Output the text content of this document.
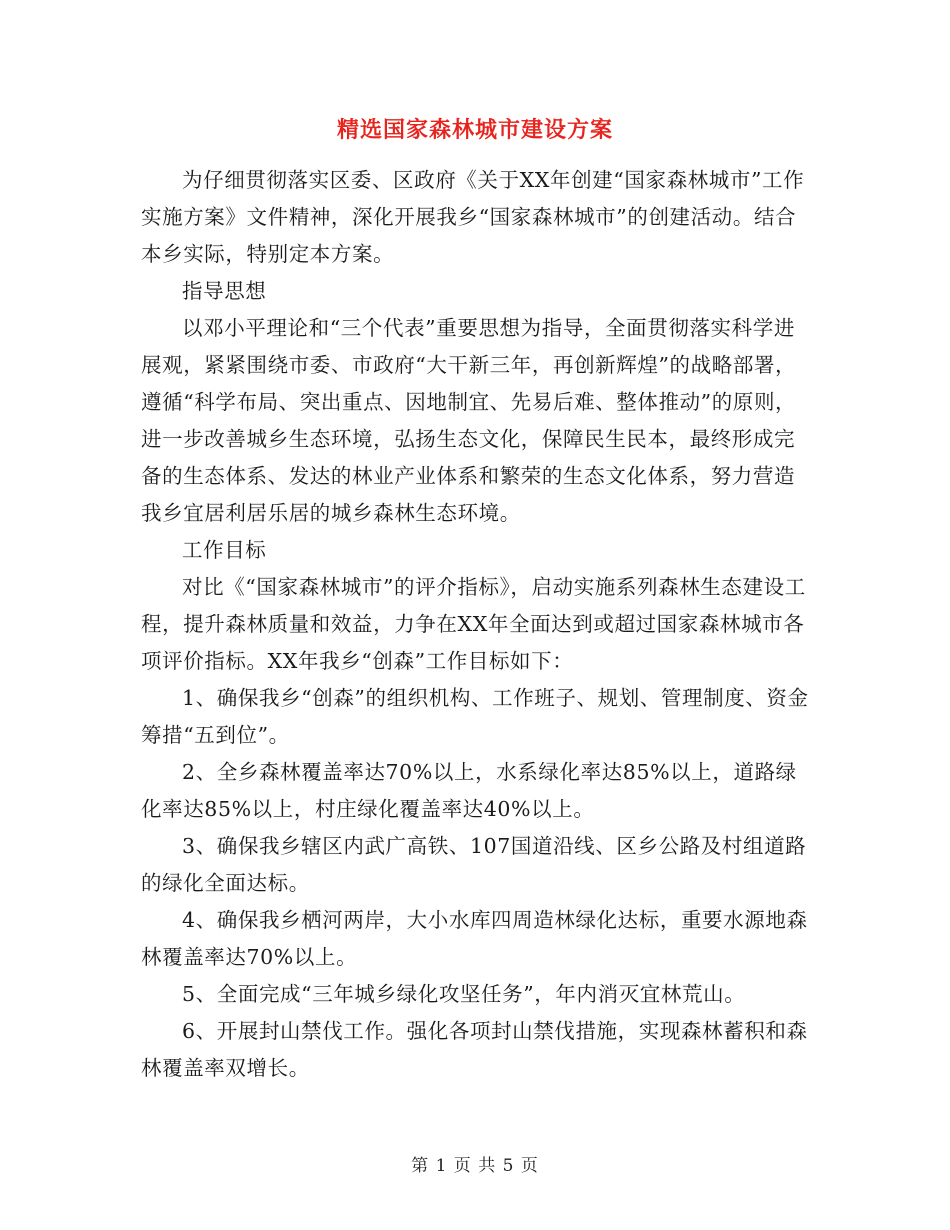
精选国家森林城市建设方案

为仔细贯彻落实区委、区政府《关于XX年创建“国家森林城市”工作实施方案》文件精神，深化开展我乡“国家森林城市”的创建活动。结合本乡实际，特别定本方案。

指导思想

以邓小平理论和“三个代表”重要思想为指导，全面贯彻落实科学进展观，紧紧围绕市委、市政府“大干新三年，再创新辉煌”的战略部署，遵循“科学布局、突出重点、因地制宜、先易后难、整体推动”的原则，进一步改善城乡生态环境，弘扬生态文化，保障民生民本，最终形成完备的生态体系、发达的林业产业体系和繁荣的生态文化体系，努力营造我乡宜居利居乐居的城乡森林生态环境。

工作目标

对比《“国家森林城市”的评介指标》，启动实施系列森林生态建设工程，提升森林质量和效益，力争在XX年全面达到或超过国家森林城市各项评价指标。XX年我乡“创森”工作目标如下：

1、确保我乡“创森”的组织机构、工作班子、规划、管理制度、资金筹措“五到位”。

2、全乡森林覆盖率达70%以上，水系绿化率达85%以上，道路绿化率达85%以上，村庄绿化覆盖率达40%以上。

3、确保我乡辖区内武广高铁、107国道沿线、区乡公路及村组道路的绿化全面达标。

4、确保我乡栖河两岸，大小水库四周造林绿化达标，重要水源地森林覆盖率达70%以上。

5、全面完成“三年城乡绿化攻坚任务”，年内消灭宜林荒山。

6、开展封山禁伐工作。强化各项封山禁伐措施，实现森林蓄积和森林覆盖率双增长。

第 1 页 共 5 页
